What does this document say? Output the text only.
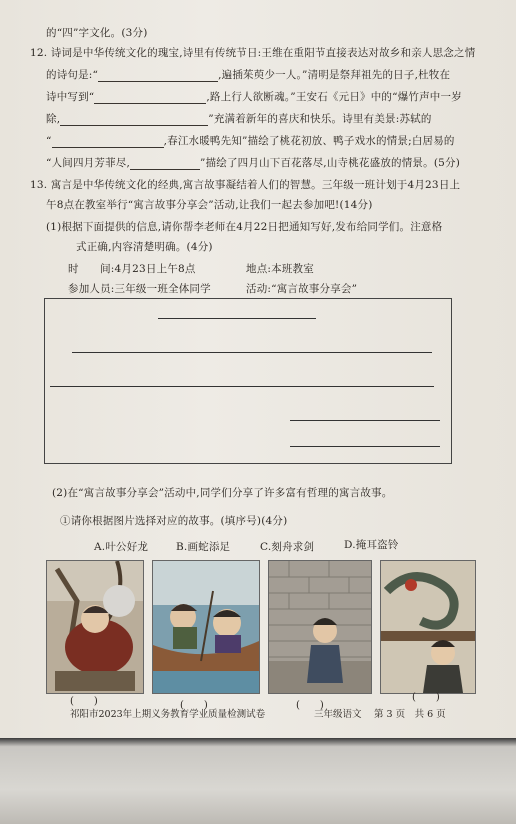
的“四”字文化。(3分)
12. 诗词是中华传统文化的瑰宝,诗里有传统节日:王维在重阳节直接表达对故乡和亲人思念之情
的诗句是:“	,遍插茱萸少一人。”清明是祭拜祖先的日子,杜牧在
诗中写到“	,路上行人欲断魂。”王安石《元日》中的“爆竹声中一岁
除,	”充满着新年的喜庆和快乐。诗里有美景:苏轼的
“	,春江水暖鸭先知”描绘了桃花初放、鸭子戏水的情景;白居易的
“人间四月芳菲尽,	”描绘了四月山下百花落尽,山寺桃花盛放的情景。(5分)
13. 寓言是中华传统文化的经典,寓言故事凝结着人们的智慧。三年级一班计划于4月23日上
午8点在教室举行“寓言故事分享会”活动,让我们一起去参加吧!(14分)
(1)根据下面提供的信息,请你帮李老师在4月22日把通知写好,发布给同学们。注意格
式正确,内容清楚明确。(4分)
时　　间:4月23日上午8点	地点:本班教室
参加人员:三年级一班全体同学	活动:“寓言故事分享会”
(2)在“寓言故事分享会”活动中,同学们分享了许多富有哲理的寓言故事。
①请你根据图片选择对应的故事。(填序号)(4分)
A.叶公好龙	B.画蛇添足	C.刻舟求剑	D.掩耳盗铃
(　　)	(　　)	(　　)
(　　)
祁阳市2023年上期义务教育学业质量检测试卷	三年级语文 第 3 页　共 6 页
